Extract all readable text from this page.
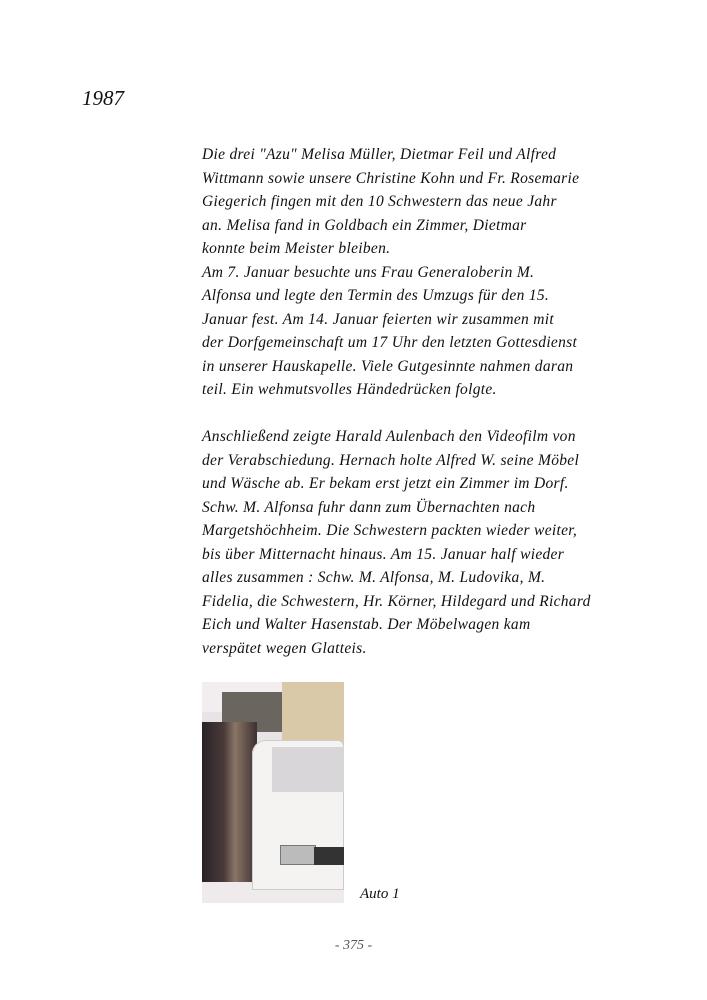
1987
Die drei "Azu" Melisa Müller, Dietmar Feil und Alfred
Wittmann sowie unsere Christine Kohn und Fr. Rosemarie
Giegerich fingen mit den 10 Schwestern das neue Jahr
an. Melisa fand in Goldbach ein Zimmer, Dietmar
konnte beim Meister bleiben.
Am 7. Januar besuchte uns Frau Generaloberin M.
Alfonsa und legte den Termin des Umzugs für den 15.
Januar fest. Am 14. Januar feierten wir zusammen mit
der Dorfgemeinschaft um 17 Uhr den letzten Gottesdienst
in unserer Hauskapelle. Viele Gutgesinnte nahmen daran
teil. Ein wehmutsvolles Händedrücken folgte.
Anschließend zeigte Harald Aulenbach den Videofilm von
der Verabschiedung. Hernach holte Alfred W. seine Möbel
und Wäsche ab. Er bekam erst jetzt ein Zimmer im Dorf.
Schw. M. Alfonsa fuhr dann zum Übernachten nach
Margetshöchheim. Die Schwestern packten wieder weiter,
bis über Mitternacht hinaus. Am 15. Januar half wieder
alles zusammen : Schw. M. Alfonsa, M. Ludovika, M.
Fidelia, die Schwestern, Hr. Körner, Hildegard und Richard
Eich und Walter Hasenstab. Der Möbelwagen kam
verspätet wegen Glatteis.
Auto 1
- 375 -
